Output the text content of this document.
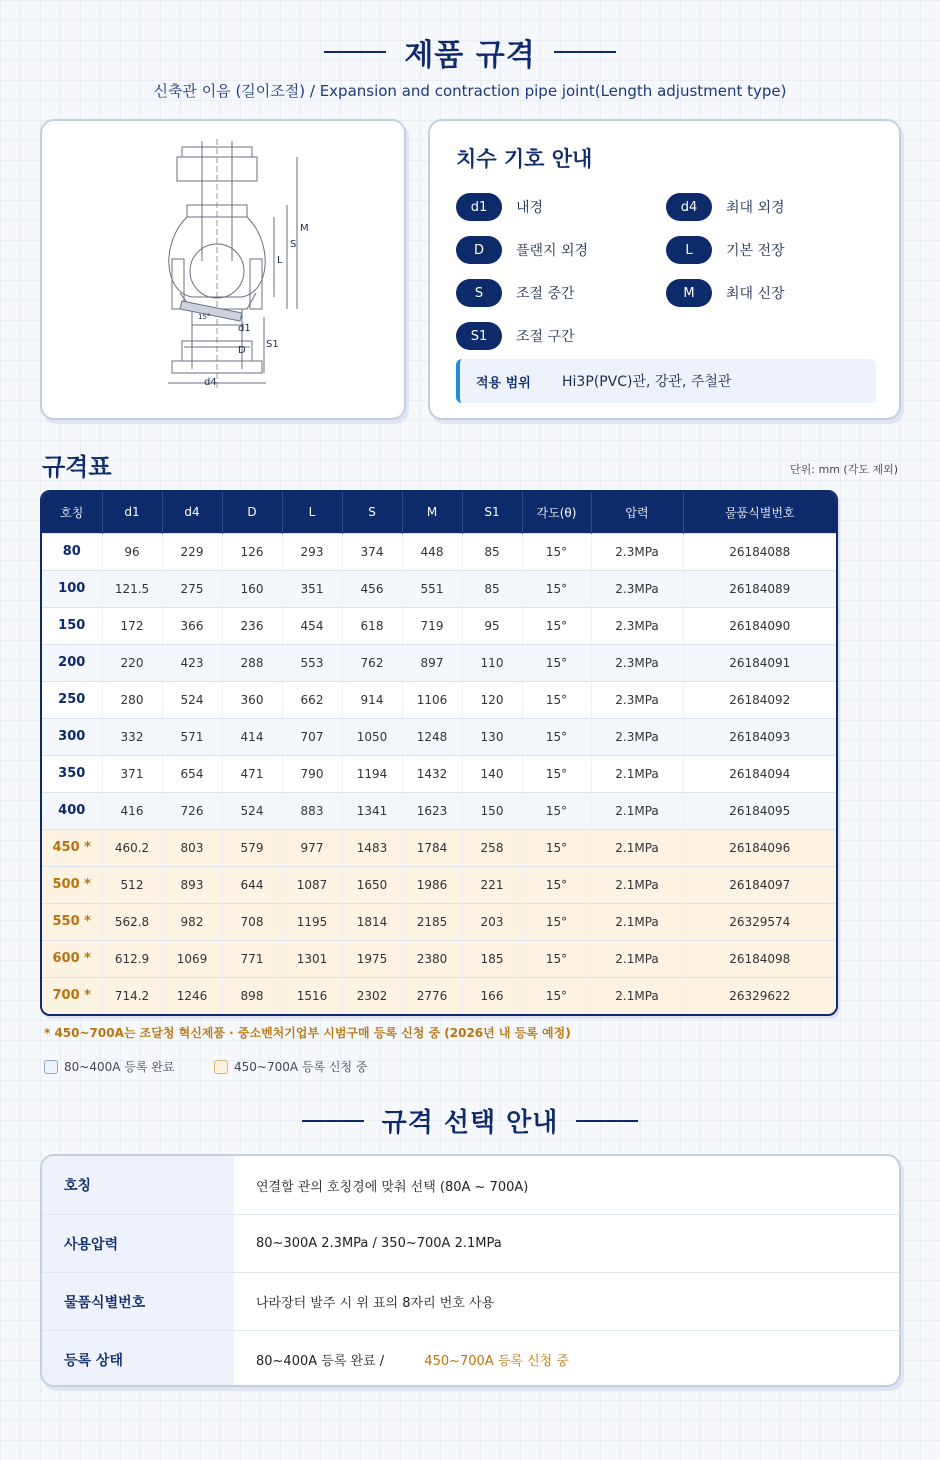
제품 규격
신축관 이음 (길이조절) / Expansion and contraction pipe joint(Length adjustment type)
M
S
L
S1
d1
D
d4
15°
치수 기호 안내
d1	내경	d4	최대 외경
D	플랜지 외경	L	기본 전장
S	조절 중간	M	최대 신장
S1	조절 구간
적용 범위	Hi3P(PVC)관, 강관, 주철관
규격표	단위: mm (각도 제외)
호칭	d1	d4	D	L	S	M	S1	각도(θ)	압력	물품식별번호
80	96	229	126	293	374	448	85	15°	2.3MPa	26184088
100	121.5	275	160	351	456	551	85	15°	2.3MPa	26184089
150	172	366	236	454	618	719	95	15°	2.3MPa	26184090
200	220	423	288	553	762	897	110	15°	2.3MPa	26184091
250	280	524	360	662	914	1106	120	15°	2.3MPa	26184092
300	332	571	414	707	1050	1248	130	15°	2.3MPa	26184093
350	371	654	471	790	1194	1432	140	15°	2.1MPa	26184094
400	416	726	524	883	1341	1623	150	15°	2.1MPa	26184095
450 *	460.2	803	579	977	1483	1784	258	15°	2.1MPa	26184096
500 *	512	893	644	1087	1650	1986	221	15°	2.1MPa	26184097
550 *	562.8	982	708	1195	1814	2185	203	15°	2.1MPa	26329574
600 *	612.9	1069	771	1301	1975	2380	185	15°	2.1MPa	26184098
700 *	714.2	1246	898	1516	2302	2776	166	15°	2.1MPa	26329622
* 450~700A는 조달청 혁신제품 · 중소벤처기업부 시범구매 등록 신청 중 (2026년 내 등록 예정)
80~400A 등록 완료	450~700A 등록 신청 중
규격 선택 안내
호칭	연결할 관의 호칭경에 맞춰 선택 (80A ~ 700A)
사용압력	80~300A 2.3MPa / 350~700A 2.1MPa
물품식별번호	나라장터 발주 시 위 표의 8자리 번호 사용
등록 상태	80~400A 등록 완료 /	450~700A 등록 신청 중
